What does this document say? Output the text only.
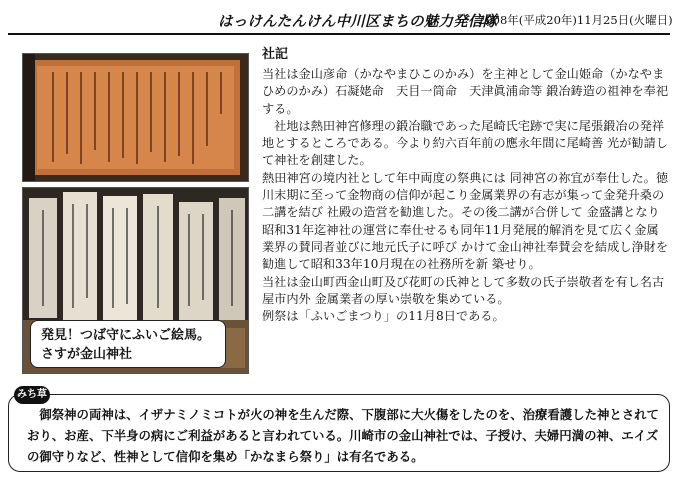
はっけんたんけん中川区まちの魅力発信隊
2008年(平成20年)11月25日(火曜日)
発見！つば守にふいご絵馬。
さすが金山神社
社記

当社は金山彦命（かなやまひこのかみ）を主神として金山姫命（かなやまひめのかみ）石凝姥命　天目一筒命　天津眞浦命等 鍛冶鋳造の祖神を奉祀する。

　社地は熱田神宮修理の鍛冶職であった尾崎氏宅跡で実に尾張鍛冶の発祥地とするところである。今より約六百年前の應永年間に尾崎善 光が勧請して神社を創建した。

熱田神宮の境内社として年中両度の祭典には 同神宮の祢宜が奉仕した。徳川末期に至って金物商の信仰が起こり金属業界の有志が集って金発升桑の二講を結び 社殿の造営を勧進した。その後二講が合併して 金盛講となり昭和31年迄神社の運営に奉仕せるも同年11月発展的解消を見て広く金属業界の賛同者並びに地元氏子に呼び かけて金山神社奉賛会を結成し浄財を勧進して昭和33年10月現在の社務所を新 築せり。

当社は金山町西金山町及び花町の氏神として多数の氏子崇敬者を有し名古屋市内外 金属業者の厚い崇敬を集めている。

例祭は「ふいごまつり」の11月8日である。

　御祭神の両神は、イザナミノミコトが火の神を生んだ際、下腹部に大火傷をしたのを、治療看護した神とされており、お産、下半身の病にご利益があると言われている。川崎市の金山神社では、子授け、夫婦円満の神、エイズの御守りなど、性神として信仰を集め「かなまら祭り」は有名である。
みち草
